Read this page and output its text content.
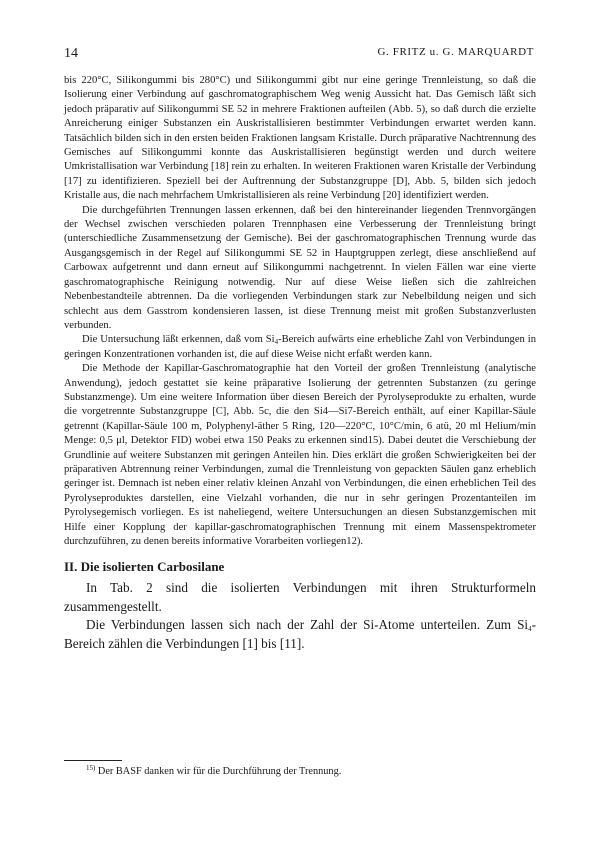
14	G. FRITZ u. G. MARQUARDT

bis 220°C, Silikongummi bis 280°C) und Silikongummi gibt nur eine geringe Trennleistung, so daß die Isolierung einer Verbindung auf gaschromatographischem Weg wenig Aussicht hat. Das Gemisch läßt sich jedoch präparativ auf Silikongummi SE 52 in mehrere Fraktionen aufteilen (Abb. 5), so daß durch die erzielte Anreicherung einiger Substanzen ein Auskristallisieren bestimmter Verbindungen erwartet werden kann. Tatsächlich bilden sich in den ersten beiden Fraktionen langsam Kristalle. Durch präparative Nachtrennung des Gemisches auf Silikongummi konnte das Auskristallisieren begünstigt werden und durch weitere Umkristallisation war Verbindung [18] rein zu erhalten. In weiteren Fraktionen waren Kristalle der Verbindung [17] zu identifizieren. Speziell bei der Auftrennung der Substanzgruppe [D], Abb. 5, bilden sich jedoch Kristalle aus, die nach mehrfachem Umkristallisieren als reine Verbindung [20] identifiziert werden.

Die durchgeführten Trennungen lassen erkennen, daß bei den hintereinander liegenden Trennvorgängen der Wechsel zwischen verschieden polaren Trennphasen eine Verbesserung der Trennleistung bringt (unterschiedliche Zusammensetzung der Gemische). Bei der gaschromatographischen Trennung wurde das Ausgangsgemisch in der Regel auf Silikongummi SE 52 in Hauptgruppen zerlegt, diese anschließend auf Carbowax aufgetrennt und dann erneut auf Silikongummi nachgetrennt. In vielen Fällen war eine vierte gaschromatographische Reinigung notwendig. Nur auf diese Weise ließen sich die zahlreichen Nebenbestandteile abtrennen. Da die vorliegenden Verbindungen stark zur Nebelbildung neigen und sich schlecht aus dem Gasstrom kondensieren lassen, ist diese Trennung meist mit großen Substanzverlusten verbunden.

Die Untersuchung läßt erkennen, daß vom $Si_4$-Bereich aufwärts eine erhebliche Zahl von Verbindungen in geringen Konzentrationen vorhanden ist, die auf diese Weise nicht erfaßt werden kann.

Die Methode der Kapillar-Gaschromatographie hat den Vorteil der großen Trennleistung (analytische Anwendung), jedoch gestattet sie keine präparative Isolierung der getrennten Substanzen (zu geringe Substanzmenge). Um eine weitere Information über diesen Bereich der Pyrolyseprodukte zu erhalten, wurde die vorgetrennte Substanzgruppe [C], Abb. 5c, die den Si4—Si7-Bereich enthält, auf einer Kapillar-Säule getrennt (Kapillar-Säule 100 m, Polyphenyl-äther 5 Ring, 120—220°C, 10°C/min, 6 atü, 20 ml Helium/min Menge: 0,5 μl, Detektor FID) wobei etwa 150 Peaks zu erkennen sind15). Dabei deutet die Verschiebung der Grundlinie auf weitere Substanzen mit geringen Anteilen hin. Dies erklärt die großen Schwierigkeiten bei der präparativen Abtrennung reiner Verbindungen, zumal die Trennleistung von gepackten Säulen ganz erheblich geringer ist. Demnach ist neben einer relativ kleinen Anzahl von Verbindungen, die einen erheblichen Teil des Pyrolyseproduktes darstellen, eine Vielzahl vorhanden, die nur in sehr geringen Prozentanteilen im Pyrolysegemisch vorliegen. Es ist naheliegend, weitere Untersuchungen an diesen Substanzgemischen mit Hilfe einer Kopplung der kapillar-gaschromatographischen Trennung mit einem Massenspektrometer durchzuführen, zu denen bereits informative Vorarbeiten vorliegen12).

II. Die isolierten Carbosilane

In Tab. 2 sind die isolierten Verbindungen mit ihren Strukturformeln zusammengestellt.

Die Verbindungen lassen sich nach der Zahl der Si-Atome unterteilen. Zum $Si_4$-Bereich zählen die Verbindungen [1] bis [11].

$^{15)}$ Der BASF danken wir für die Durchführung der Trennung.
